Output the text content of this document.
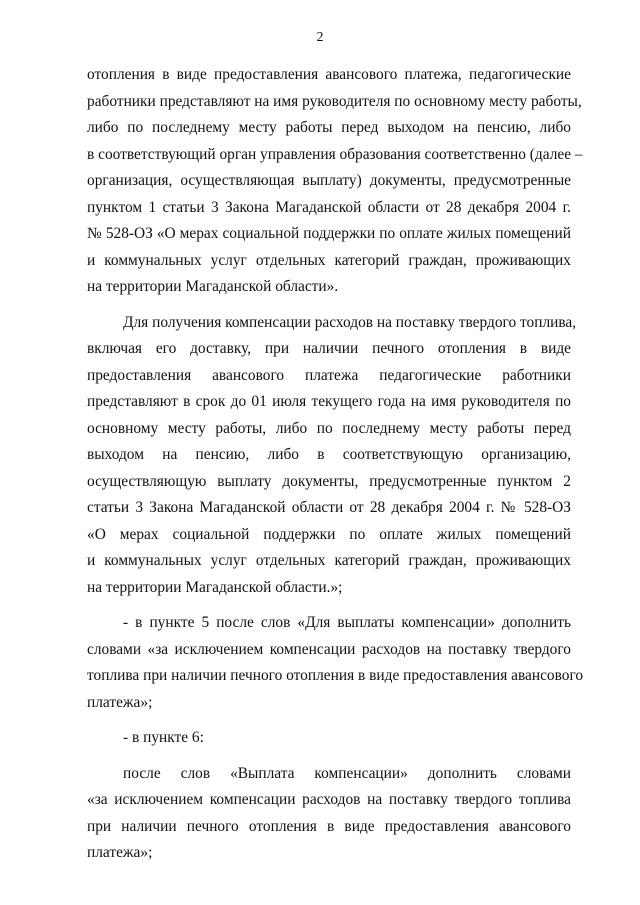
2

отопления в виде предоставления авансового платежа, педагогические
работники представляют на имя руководителя по основному месту работы,
либо по последнему месту работы перед выходом на пенсию, либо
в соответствующий орган управления образования соответственно (далее –
организация, осуществляющая выплату) документы, предусмотренные
пунктом 1 статьи 3 Закона Магаданской области от 28 декабря 2004 г.
№ 528-ОЗ «О мерах социальной поддержки по оплате жилых помещений
и коммунальных услуг отдельных категорий граждан, проживающих
на территории Магаданской области».

Для получения компенсации расходов на поставку твердого топлива,
включая его доставку, при наличии печного отопления в виде
предоставления авансового платежа педагогические работники
представляют в срок до 01 июля текущего года на имя руководителя по
основному месту работы, либо по последнему месту работы перед
выходом на пенсию, либо в соответствующую организацию,
осуществляющую выплату документы, предусмотренные пунктом 2
статьи 3 Закона Магаданской области от 28 декабря 2004 г. № 528-ОЗ
«О мерах социальной поддержки по оплате жилых помещений
и коммунальных услуг отдельных категорий граждан, проживающих
на территории Магаданской области.»;

- в пункте 5 после слов «Для выплаты компенсации» дополнить
словами «за исключением компенсации расходов на поставку твердого
топлива при наличии печного отопления в виде предоставления авансового
платежа»;

- в пункте 6:

после слов «Выплата компенсации» дополнить словами
«за исключением компенсации расходов на поставку твердого топлива
при наличии печного отопления в виде предоставления авансового
платежа»;
